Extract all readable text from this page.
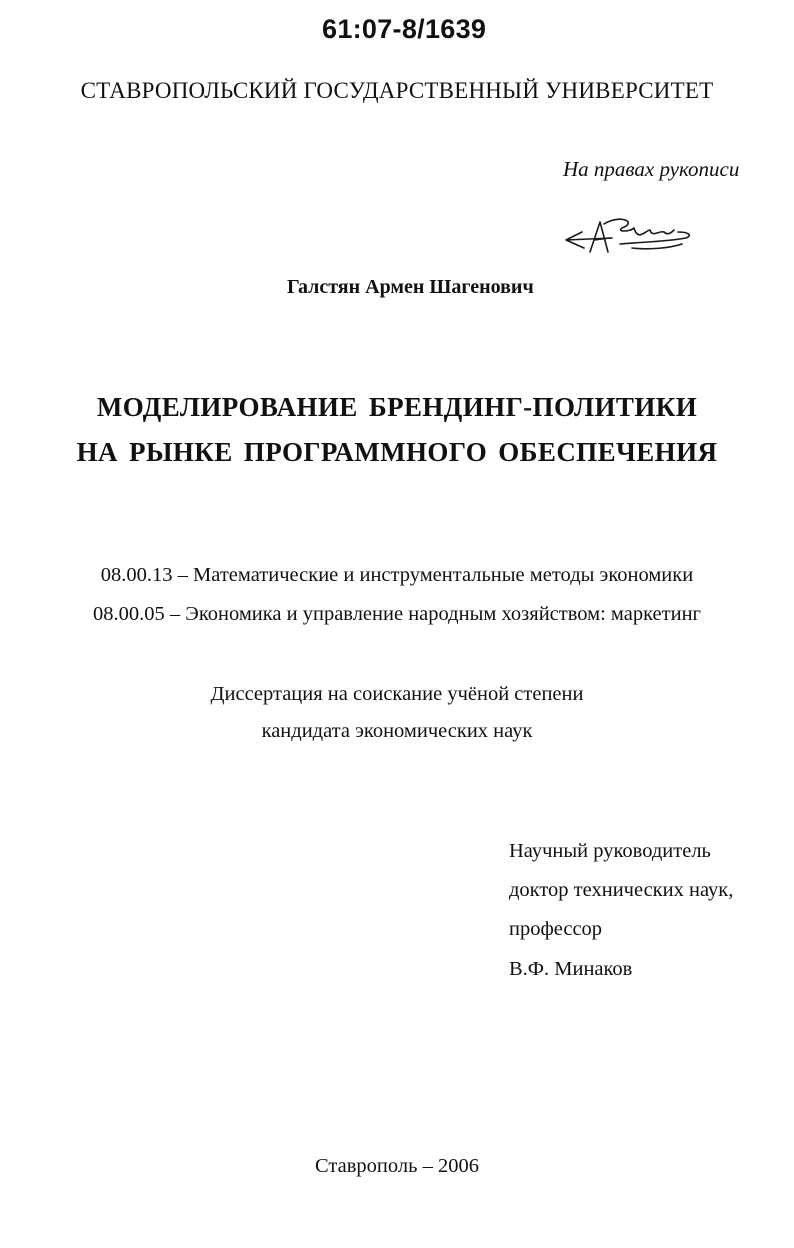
61:07-8/1639
СТАВРОПОЛЬСКИЙ ГОСУДАРСТВЕННЫЙ УНИВЕРСИТЕТ
На правах рукописи
Галстян Армен Шагенович
МОДЕЛИРОВАНИЕ БРЕНДИНГ-ПОЛИТИКИ
НА РЫНКЕ ПРОГРАММНОГО ОБЕСПЕЧЕНИЯ
08.00.13 – Математические и инструментальные методы экономики
08.00.05 – Экономика и управление народным хозяйством: маркетинг
Диссертация на соискание учёной степени
кандидата экономических наук
Научный руководитель
доктор технических наук,
профессор
В.Ф. Минаков
Ставрополь – 2006
